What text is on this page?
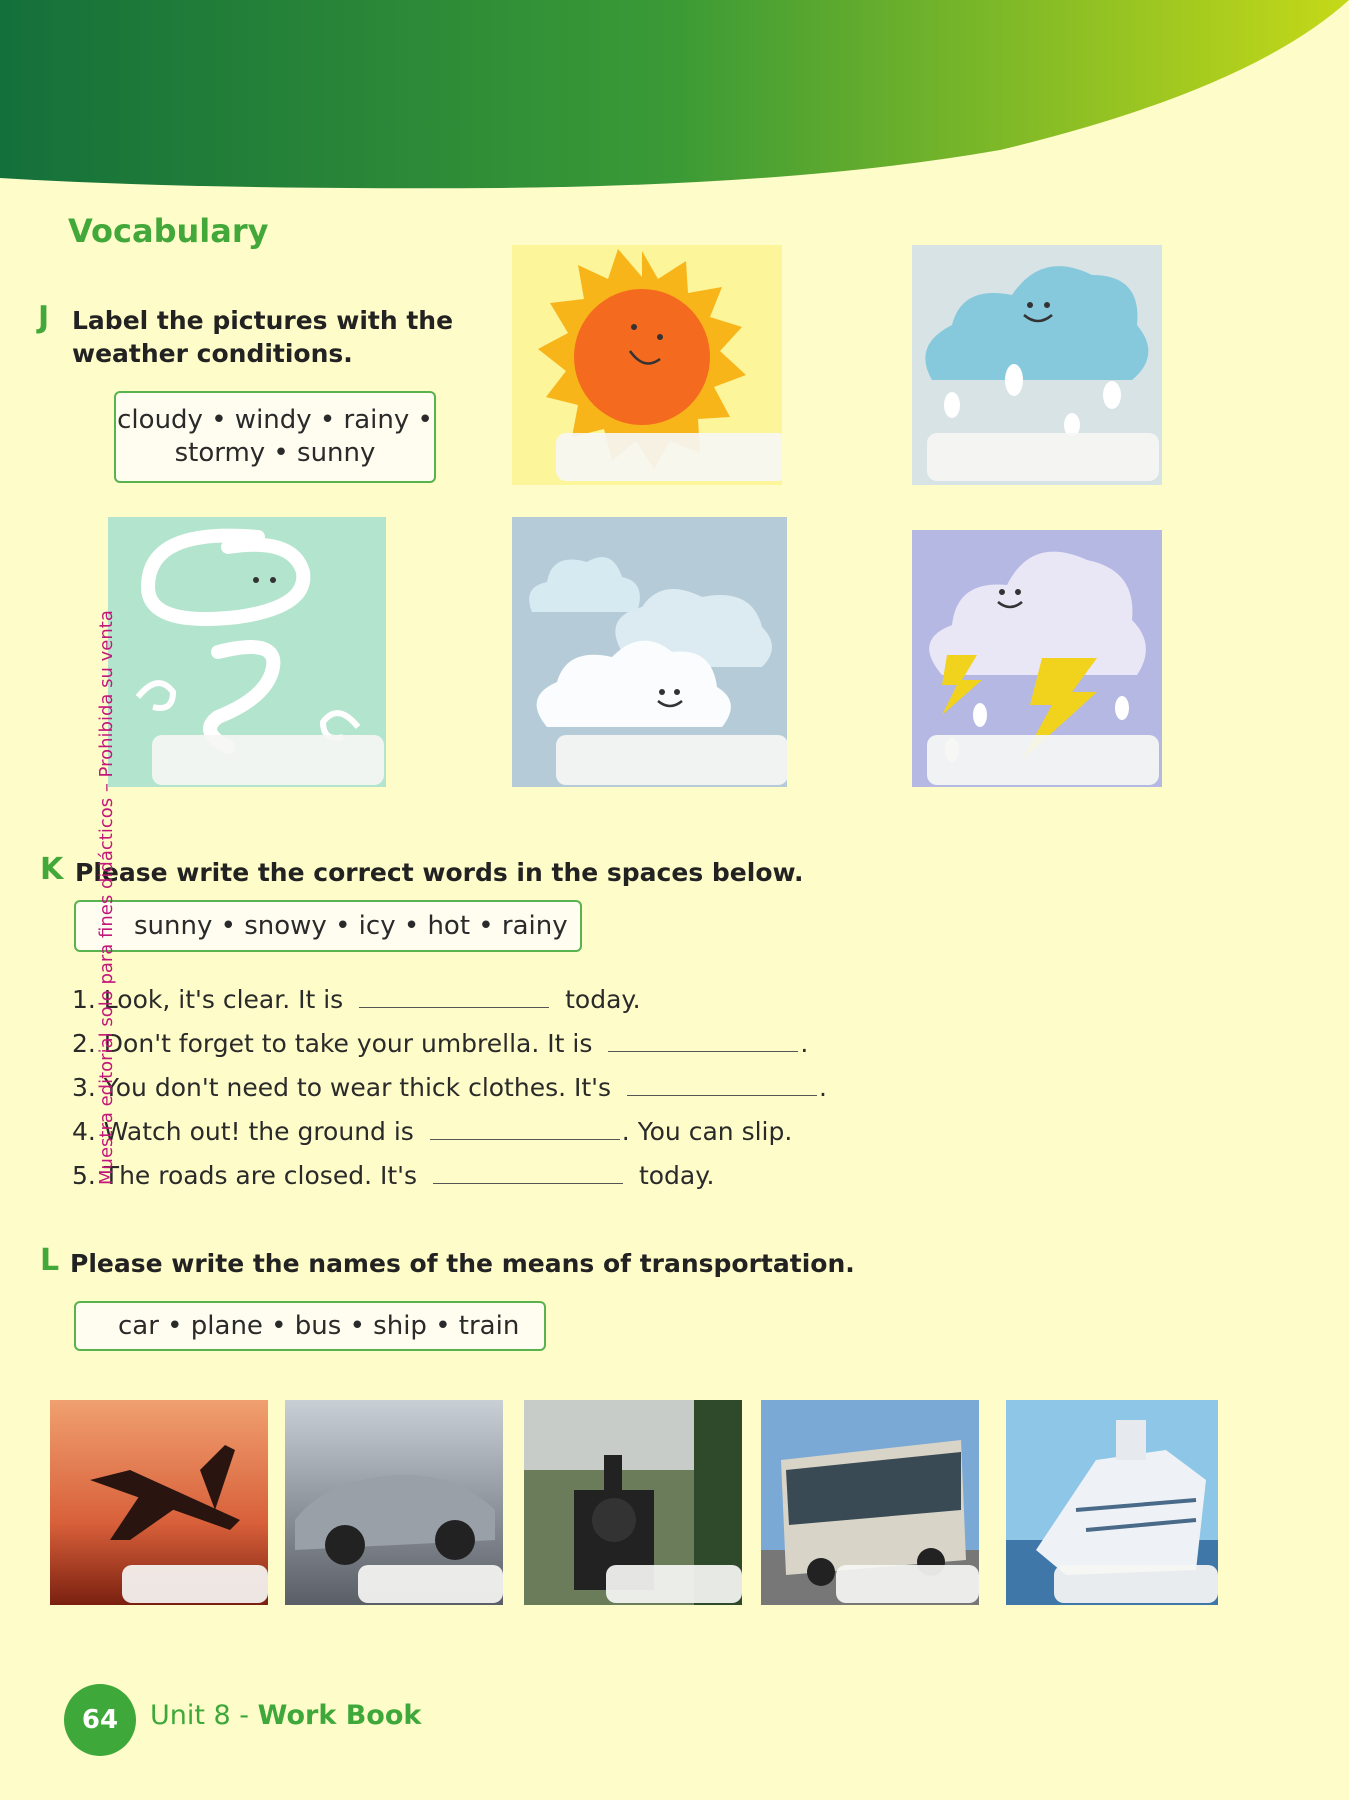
Vocabulary
J Label the pictures with the
weather conditions.
cloudy • windy • rainy •
stormy • sunny
K Please write the correct words in the spaces below.
sunny • snowy • icy • hot • rainy
1. Look, it's clear. It is	today.
2. Don't forget to take your umbrella. It is	.
3. You don't need to wear thick clothes. It's	.
4. Watch out! the ground is	. You can slip.
5. The roads are closed. It's	today.
L Please write the names of the means of transportation.
car • plane • bus • ship • train
Muestra editorial solo para fines didácticos – Prohibida su venta
64	Unit 8 - Work Book
